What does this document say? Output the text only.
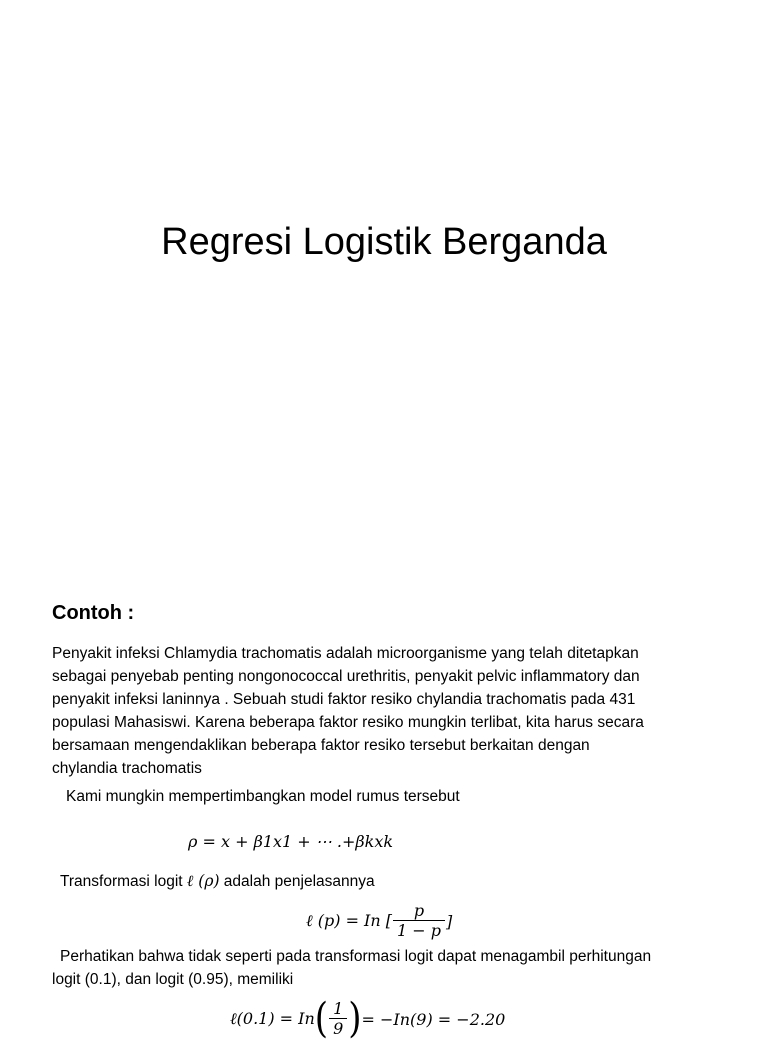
Regresi Logistik Berganda
Contoh :
Penyakit infeksi Chlamydia trachomatis adalah microorganisme yang telah ditetapkan
sebagai penyebab penting nongonococcal urethritis, penyakit pelvic inflammatory dan
penyakit infeksi laninnya . Sebuah studi faktor resiko chylandia trachomatis pada 431
populasi Mahasiswi. Karena beberapa faktor resiko mungkin terlibat, kita harus secara
bersamaan mengendaklikan beberapa faktor resiko tersebut berkaitan dengan
chylandia trachomatis
Kami mungkin mempertimbangkan model rumus tersebut
ρ = x + β1x1 + ⋯ .+βkxk
Transformasi logit ℓ (ρ) adalah penjelasannya
ℓ (p) = In [ $\frac{p}{1 - p}$ ]
Perhatikan bahwa tidak seperti pada transformasi logit dapat menagambil perhitungan
logit (0.1), dan logit (0.95), memiliki
ℓ(0.1) = In ( $\frac{1}{9}$ ) = −In(9) = −2.20
